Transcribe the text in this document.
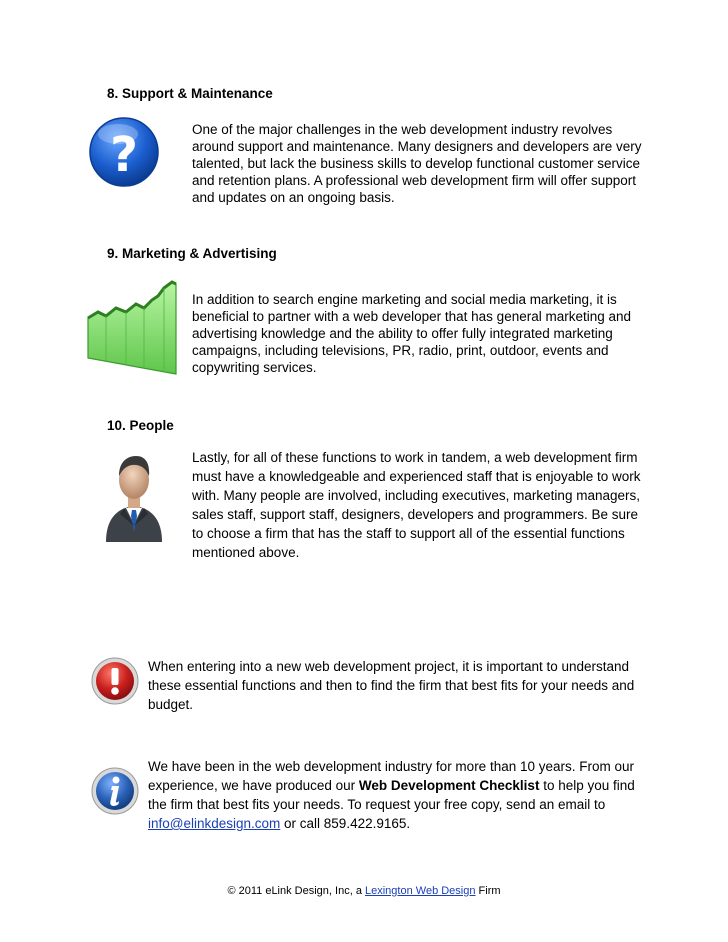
8. Support & Maintenance
?	One of the major challenges in the web development industry revolves around support and maintenance. Many designers and developers are very talented, but lack the business skills to develop functional customer service and retention plans. A professional web development firm will offer support and updates on an ongoing basis.
9. Marketing & Advertising
In addition to search engine marketing and social media marketing, it is beneficial to partner with a web developer that has general marketing and advertising knowledge and the ability to offer fully integrated marketing campaigns, including televisions, PR, radio, print, outdoor, events and copywriting services.
10. People
Lastly, for all of these functions to work in tandem, a web development firm must have a knowledgeable and experienced staff that is enjoyable to work with. Many people are involved, including executives, marketing managers, sales staff, support staff, designers, developers and programmers. Be sure to choose a firm that has the staff to support all of the essential functions mentioned above.
When entering into a new web development project, it is important to understand these essential functions and then to find the firm that best fits for your needs and budget.
We have been in the web development industry for more than 10 years. From our experience, we have produced our Web Development Checklist to help you find the firm that best fits your needs. To request your free copy, send an email to info@elinkdesign.com or call 859.422.9165.
© 2011 eLink Design, Inc, a Lexington Web Design Firm
